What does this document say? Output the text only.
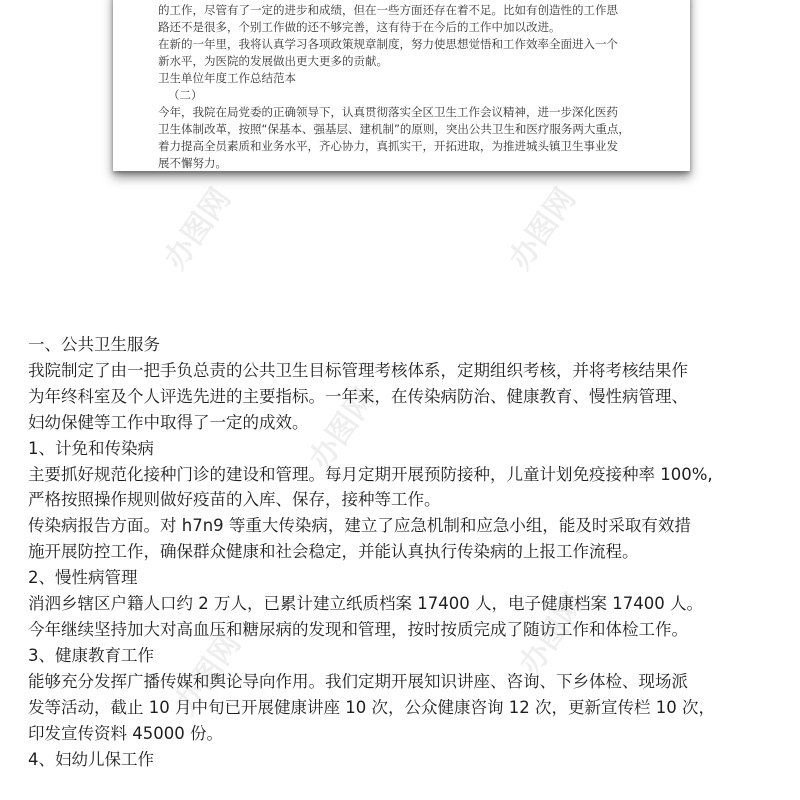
办图网	办图网
办图网
办图网
办图网
的工作，尽管有了一定的进步和成绩，但在一些方面还存在着不足。比如有创造性的工作思
路还不是很多，个别工作做的还不够完善，这有待于在今后的工作中加以改进。
在新的一年里，我将认真学习各项政策规章制度，努力使思想觉悟和工作效率全面进入一个
新水平，为医院的发展做出更大更多的贡献。
卫生单位年度工作总结范本
（二）
今年，我院在局党委的正确领导下，认真贯彻落实全区卫生工作会议精神，进一步深化医药
卫生体制改革，按照“保基本、强基层、建机制”的原则，突出公共卫生和医疗服务两大重点，
着力提高全员素质和业务水平，齐心协力，真抓实干，开拓进取，为推进城头镇卫生事业发
展不懈努力。
一、公共卫生服务
我院制定了由一把手负总责的公共卫生目标管理考核体系，定期组织考核，并将考核结果作
为年终科室及个人评选先进的主要指标。一年来，在传染病防治、健康教育、慢性病管理、
妇幼保健等工作中取得了一定的成效。
1、计免和传染病
主要抓好规范化接种门诊的建设和管理。每月定期开展预防接种，儿童计划免疫接种率 100%,
严格按照操作规则做好疫苗的入库、保存，接种等工作。
传染病报告方面。对 h7n9 等重大传染病，建立了应急机制和应急小组，能及时采取有效措
施开展防控工作，确保群众健康和社会稳定，并能认真执行传染病的上报工作流程。
2、慢性病管理
消泗乡辖区户籍人口约 2 万人，已累计建立纸质档案 17400 人，电子健康档案 17400 人。
今年继续坚持加大对高血压和糖尿病的发现和管理，按时按质完成了随访工作和体检工作。
3、健康教育工作
能够充分发挥广播传媒和舆论导向作用。我们定期开展知识讲座、咨询、下乡体检、现场派
发等活动，截止 10 月中旬已开展健康讲座 10 次，公众健康咨询 12 次，更新宣传栏 10 次，
印发宣传资料 45000 份。
4、妇幼儿保工作
